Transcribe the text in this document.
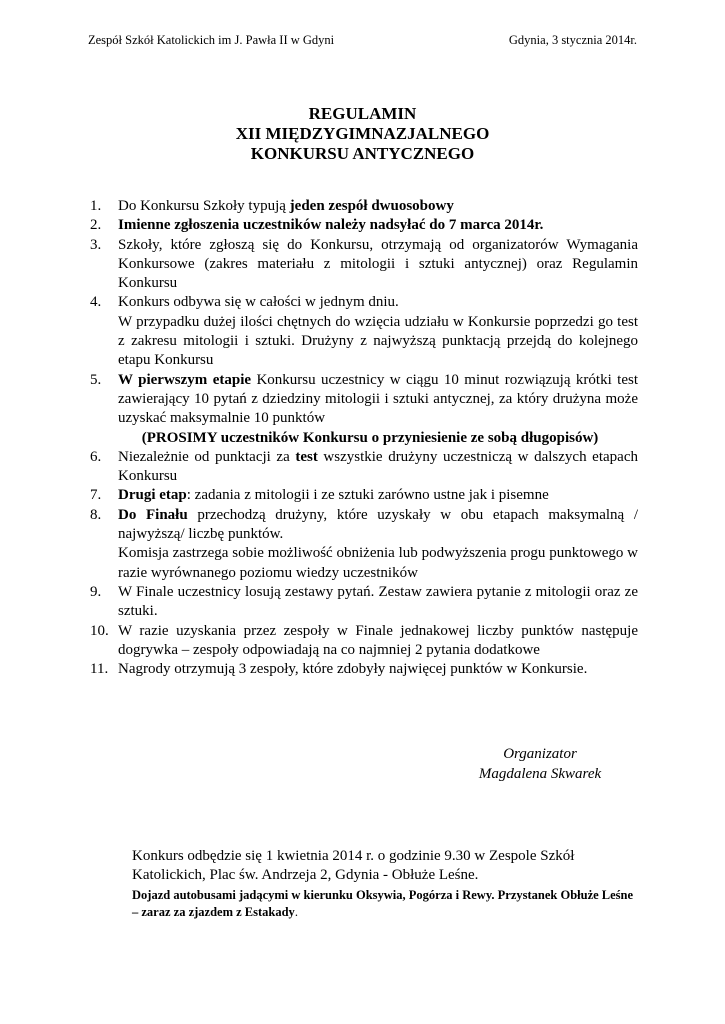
Zespół Szkół Katolickich im J. Pawła II w Gdyni	Gdynia, 3 stycznia 2014r.
REGULAMIN
XII MIĘDZYGIMNAZJALNEGO
KONKURSU ANTYCZNEGO
1.	Do Konkursu Szkoły typują jeden zespół dwuosobowy
2.	Imienne zgłoszenia uczestników należy nadsyłać do 7 marca 2014r.
3.	Szkoły, które zgłoszą się do Konkursu, otrzymają od organizatorów Wymagania Konkursowe (zakres materiału z mitologii i sztuki antycznej) oraz Regulamin Konkursu
4.	Konkurs odbywa się w całości w jednym dniu.
W przypadku dużej ilości chętnych do wzięcia udziału w Konkursie poprzedzi go test z zakresu mitologii i sztuki. Drużyny z najwyższą punktacją przejdą do kolejnego etapu Konkursu
5.	W pierwszym etapie Konkursu uczestnicy w ciągu 10 minut rozwiązują krótki test zawierający 10 pytań z dziedziny mitologii i sztuki antycznej, za który drużyna może uzyskać maksymalnie 10 punktów
(PROSIMY uczestników Konkursu o przyniesienie ze sobą długopisów)
6.	Niezależnie od punktacji za test wszystkie drużyny uczestniczą w dalszych etapach Konkursu
7.	Drugi etap: zadania z mitologii i ze sztuki zarówno ustne jak i pisemne
8.	Do Finału przechodzą drużyny, które uzyskały w obu etapach maksymalną / najwyższą/ liczbę punktów.
Komisja zastrzega sobie możliwość obniżenia lub podwyższenia progu punktowego w razie wyrównanego poziomu wiedzy uczestników
9.	W Finale uczestnicy losują zestawy pytań. Zestaw zawiera pytanie z mitologii oraz ze sztuki.
10. W razie uzyskania przez zespoły w Finale jednakowej liczby punktów następuje dogrywka – zespoły odpowiadają na co najmniej 2 pytania dodatkowe
11. Nagrody otrzymują 3 zespoły, które zdobyły najwięcej punktów w Konkursie.
Organizator
Magdalena Skwarek
Konkurs odbędzie się 1 kwietnia 2014 r. o godzinie 9.30 w Zespole Szkół Katolickich, Plac św. Andrzeja 2, Gdynia - Obłuże Leśne.
Dojazd autobusami jadącymi w kierunku Oksywia, Pogórza i Rewy. Przystanek Obłuże Leśne – zaraz za zjazdem z Estakady.
